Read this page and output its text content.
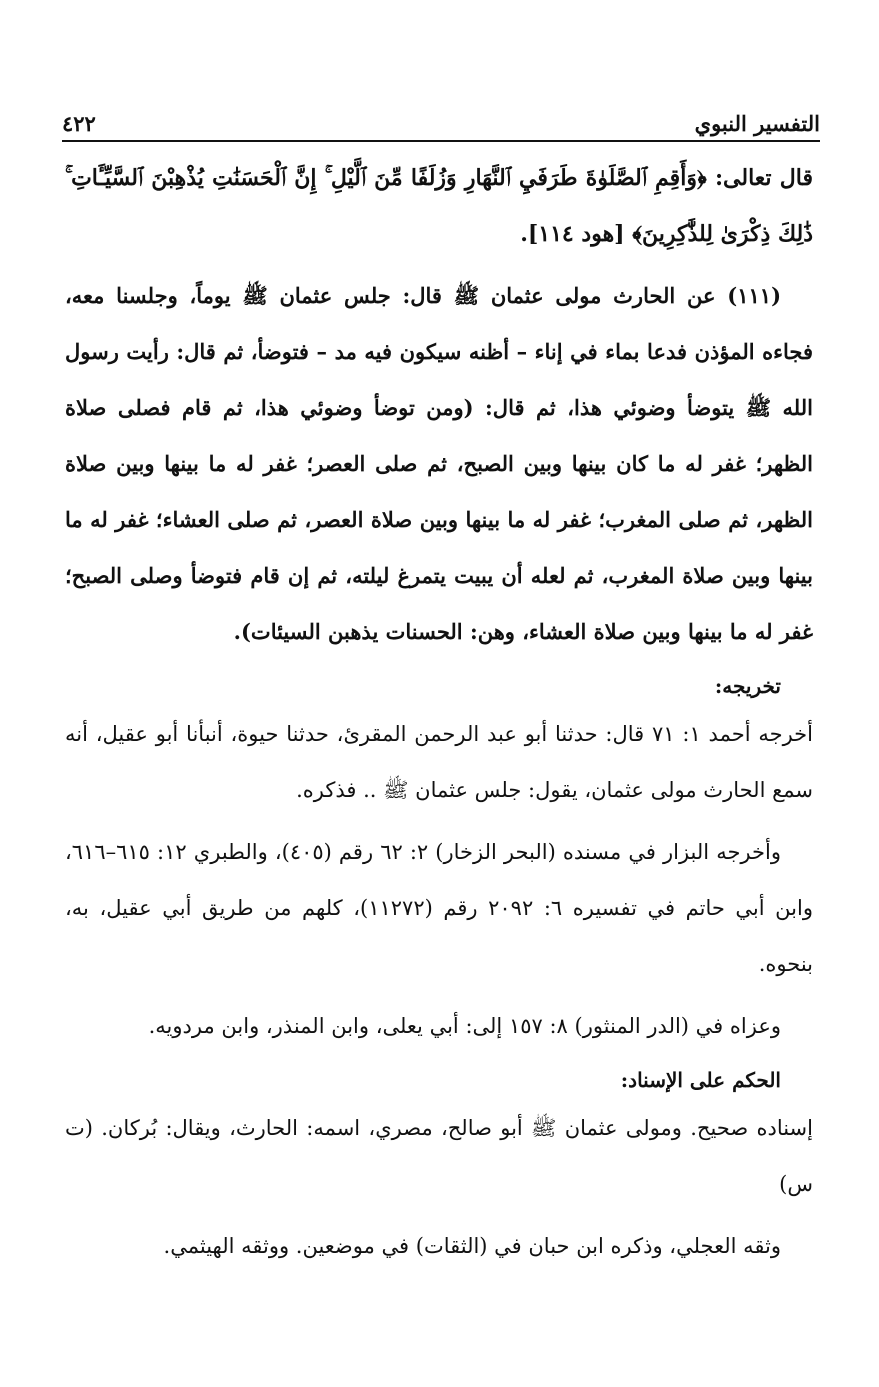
التفسير النبوي
٤٢٢

قال تعالى: ﴿وَأَقِمِ ٱلصَّلَوٰةَ طَرَفَيِ ٱلنَّهَارِ وَزُلَفًا مِّنَ ٱلَّيْلِ ۚ إِنَّ ٱلْحَسَنَٰتِ يُذْهِبْنَ ٱلسَّيِّـَٔاتِ ۚ ذَٰلِكَ ذِكْرَىٰ لِلذَّٰكِرِينَ﴾ [هود ١١٤].

(١١١) عن الحارث مولى عثمان ﷺ قال: جلس عثمان ﷺ يوماً، وجلسنا معه، فجاءه المؤذن فدعا بماء في إناء – أظنه سيكون فيه مد – فتوضأ، ثم قال: رأيت رسول الله ﷺ يتوضأ وضوئي هذا، ثم قال: (ومن توضأ وضوئي هذا، ثم قام فصلى صلاة الظهر؛ غفر له ما كان بينها وبين الصبح، ثم صلى العصر؛ غفر له ما بينها وبين صلاة الظهر، ثم صلى المغرب؛ غفر له ما بينها وبين صلاة العصر، ثم صلى العشاء؛ غفر له ما بينها وبين صلاة المغرب، ثم لعله أن يبيت يتمرغ ليلته، ثم إن قام فتوضأ وصلى الصبح؛ غفر له ما بينها وبين صلاة العشاء، وهن: الحسنات يذهبن السيئات).

تخريجه:

أخرجه أحمد ١: ٧١ قال: حدثنا أبو عبد الرحمن المقرئ، حدثنا حيوة، أنبأنا أبو عقيل، أنه سمع الحارث مولى عثمان، يقول: جلس عثمان ﷺ .. فذكره.

وأخرجه البزار في مسنده (البحر الزخار) ٢: ٦٢ رقم (٤٠٥)، والطبري ١٢: ٦١٥–٦١٦، وابن أبي حاتم في تفسيره ٦: ٢٠٩٢ رقم (١١٢٧٢)، كلهم من طريق أبي عقيل، به، بنحوه.

وعزاه في (الدر المنثور) ٨: ١٥٧ إلى: أبي يعلى، وابن المنذر، وابن مردويه.

الحكم على الإسناد:

إسناده صحيح. ومولى عثمان ﷺ أبو صالح، مصري، اسمه: الحارث، ويقال: بُركان. (ت س)

وثقه العجلي، وذكره ابن حبان في (الثقات) في موضعين. ووثقه الهيثمي.
